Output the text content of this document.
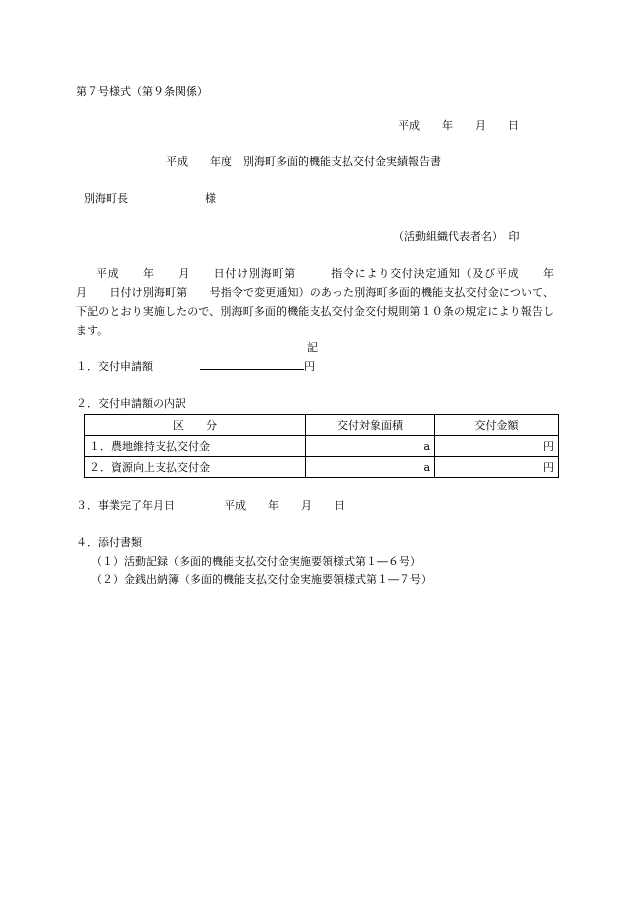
第７号様式（第９条関係）
平成　　年　　月　　日
平成　　年度　別海町多面的機能支払交付金実績報告書
別海町長　　　　　　　様
（活動組織代表者名）　印
平成　　年　　月　　日付け別海町第　　　指令により交付決定通知（及び平成　　年　　月　　日付け別海町第　　号指令で変更通知）のあった別海町多面的機能支払交付金について、下記のとおり実施したので、別海町多面的機能支払交付金交付規則第１０条の規定により報告します。
記
１．交付申請額	円
２．交付申請額の内訳
区　　分	交付対象面積	交付金額
１．農地維持支払交付金	a	円
２．資源向上支払交付金	a	円
３．事業完了年月日	平成　　年　　月　　日
４．添付書類
（１）活動記録（多面的機能支払交付金実施要領様式第１―６号）
（２）金銭出納簿（多面的機能支払交付金実施要領様式第１―７号）
